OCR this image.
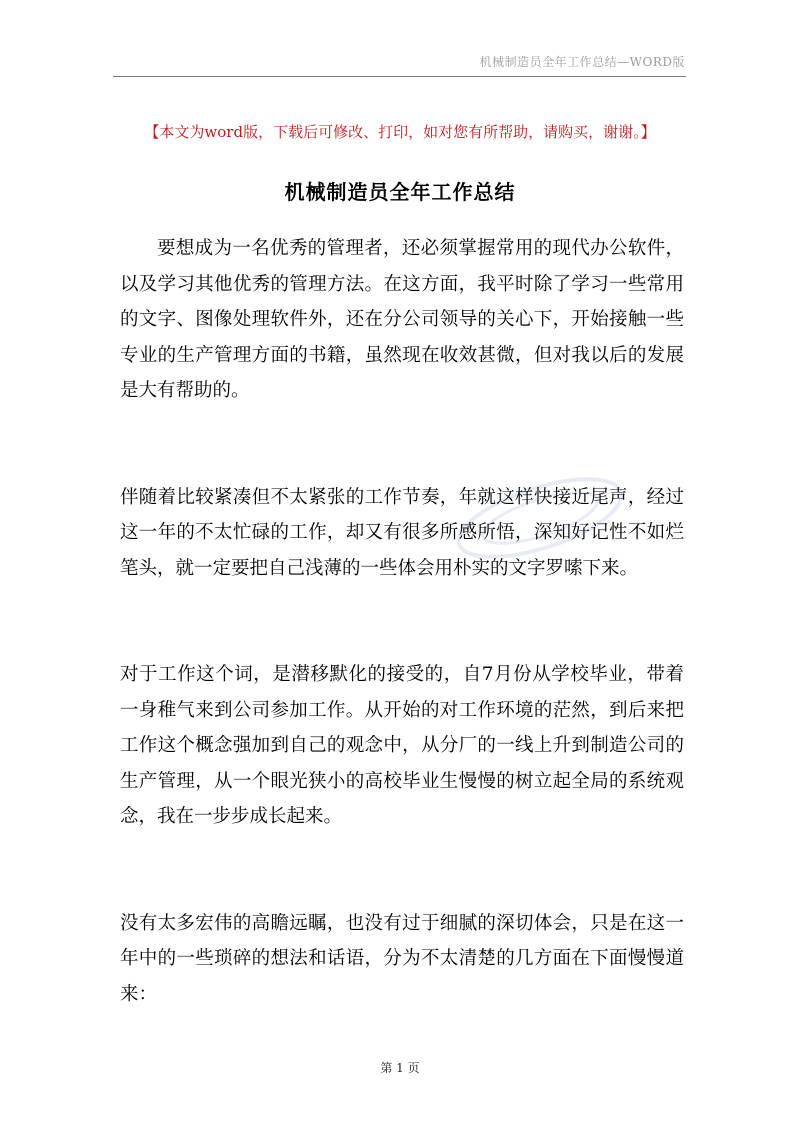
机械制造员全年工作总结—WORD版
【本文为word版，下载后可修改、打印，如对您有所帮助，请购买，谢谢。】
机械制造员全年工作总结

要想成为一名优秀的管理者，还必须掌握常用的现代办公软件，以及学习其他优秀的管理方法。在这方面，我平时除了学习一些常用的文字、图像处理软件外，还在分公司领导的关心下，开始接触一些专业的生产管理方面的书籍，虽然现在收效甚微，但对我以后的发展是大有帮助的。

伴随着比较紧凑但不太紧张的工作节奏，年就这样快接近尾声，经过这一年的不太忙碌的工作，却又有很多所感所悟，深知好记性不如烂笔头，就一定要把自己浅薄的一些体会用朴实的文字罗嗦下来。

对于工作这个词，是潜移默化的接受的，自7月份从学校毕业，带着一身稚气来到公司参加工作。从开始的对工作环境的茫然，到后来把工作这个概念强加到自己的观念中，从分厂的一线上升到制造公司的生产管理，从一个眼光狭小的高校毕业生慢慢的树立起全局的系统观念，我在一步步成长起来。

没有太多宏伟的高瞻远瞩，也没有过于细腻的深切体会，只是在这一年中的一些琐碎的想法和话语，分为不太清楚的几方面在下面慢慢道来：

第 1 页
